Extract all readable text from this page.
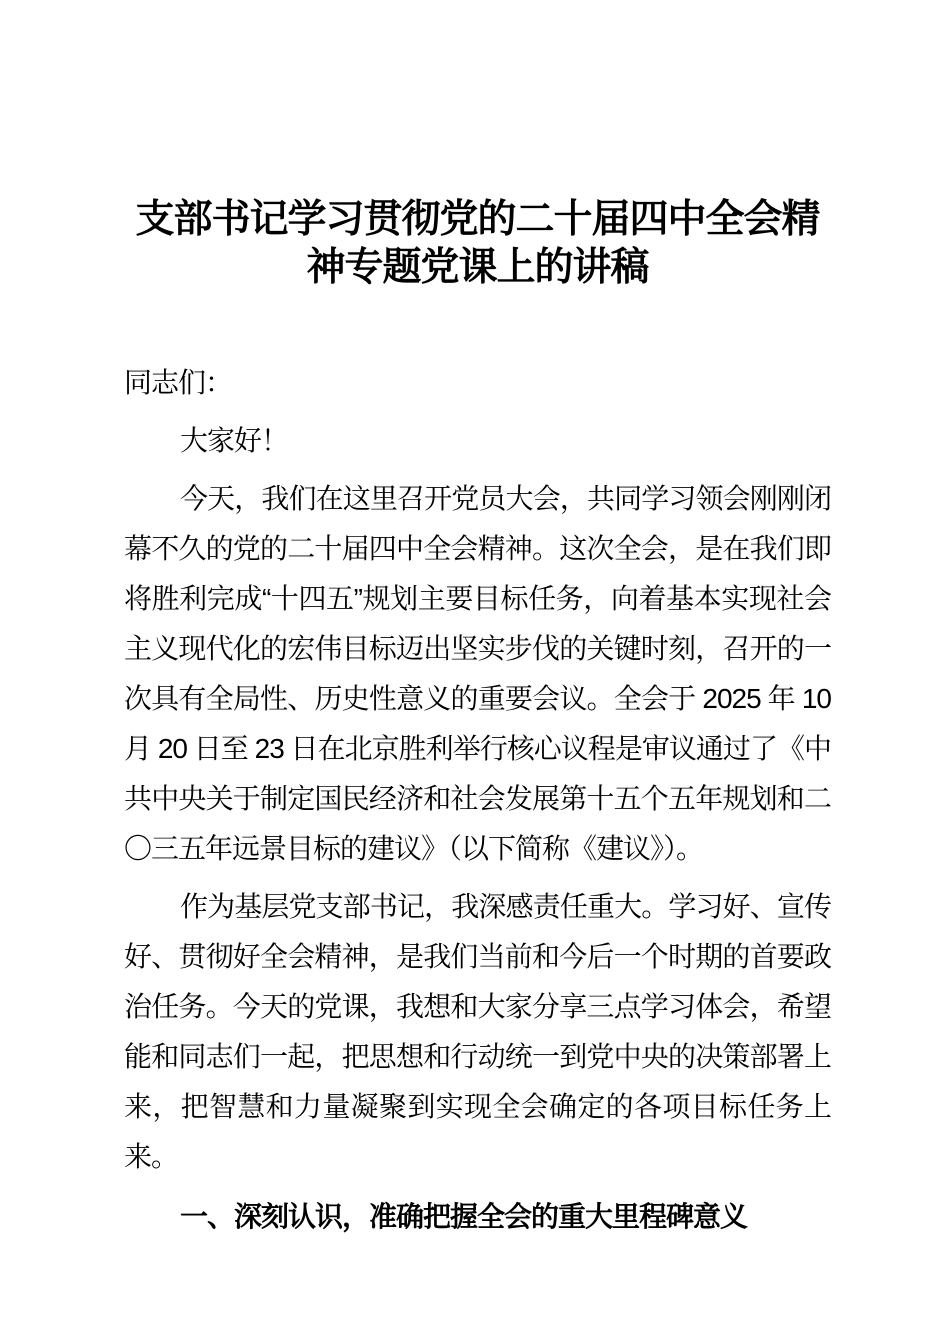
支部书记学习贯彻党的二十届四中全会精神专题党课上的讲稿

同志们：

大家好！

今天，我们在这里召开党员大会，共同学习领会刚刚闭幕不久的党的二十届四中全会精神。这次全会，是在我们即将胜利完成“十四五”规划主要目标任务，向着基本实现社会主义现代化的宏伟目标迈出坚实步伐的关键时刻，召开的一次具有全局性、历史性意义的重要会议。全会于 2025 年 10 月 20 日至 23 日在北京胜利举行核心议程是审议通过了《中共中央关于制定国民经济和社会发展第十五个五年规划和二〇三五年远景目标的建议》（以下简称《建议》）。

作为基层党支部书记，我深感责任重大。学习好、宣传好、贯彻好全会精神，是我们当前和今后一个时期的首要政治任务。今天的党课，我想和大家分享三点学习体会，希望能和同志们一起，把思想和行动统一到党中央的决策部署上来，把智慧和力量凝聚到实现全会确定的各项目标任务上来。

一、深刻认识，准确把握全会的重大里程碑意义
